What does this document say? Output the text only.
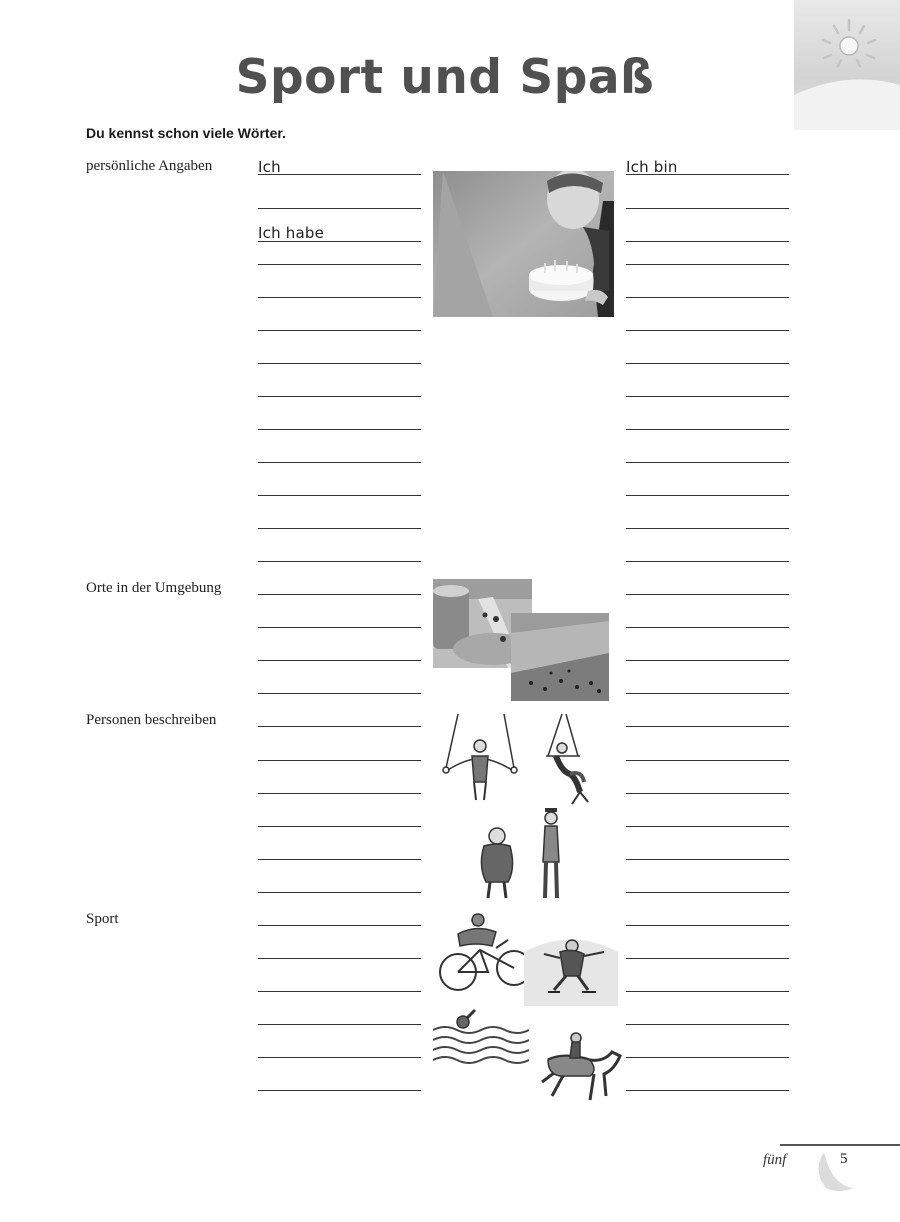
Sport und Spaß
Du kennst schon viele Wörter.
persönliche Angaben
Orte in der Umgebung
Personen beschreiben
Sport
Ich
Ich habe
Ich bin
fünf	5
